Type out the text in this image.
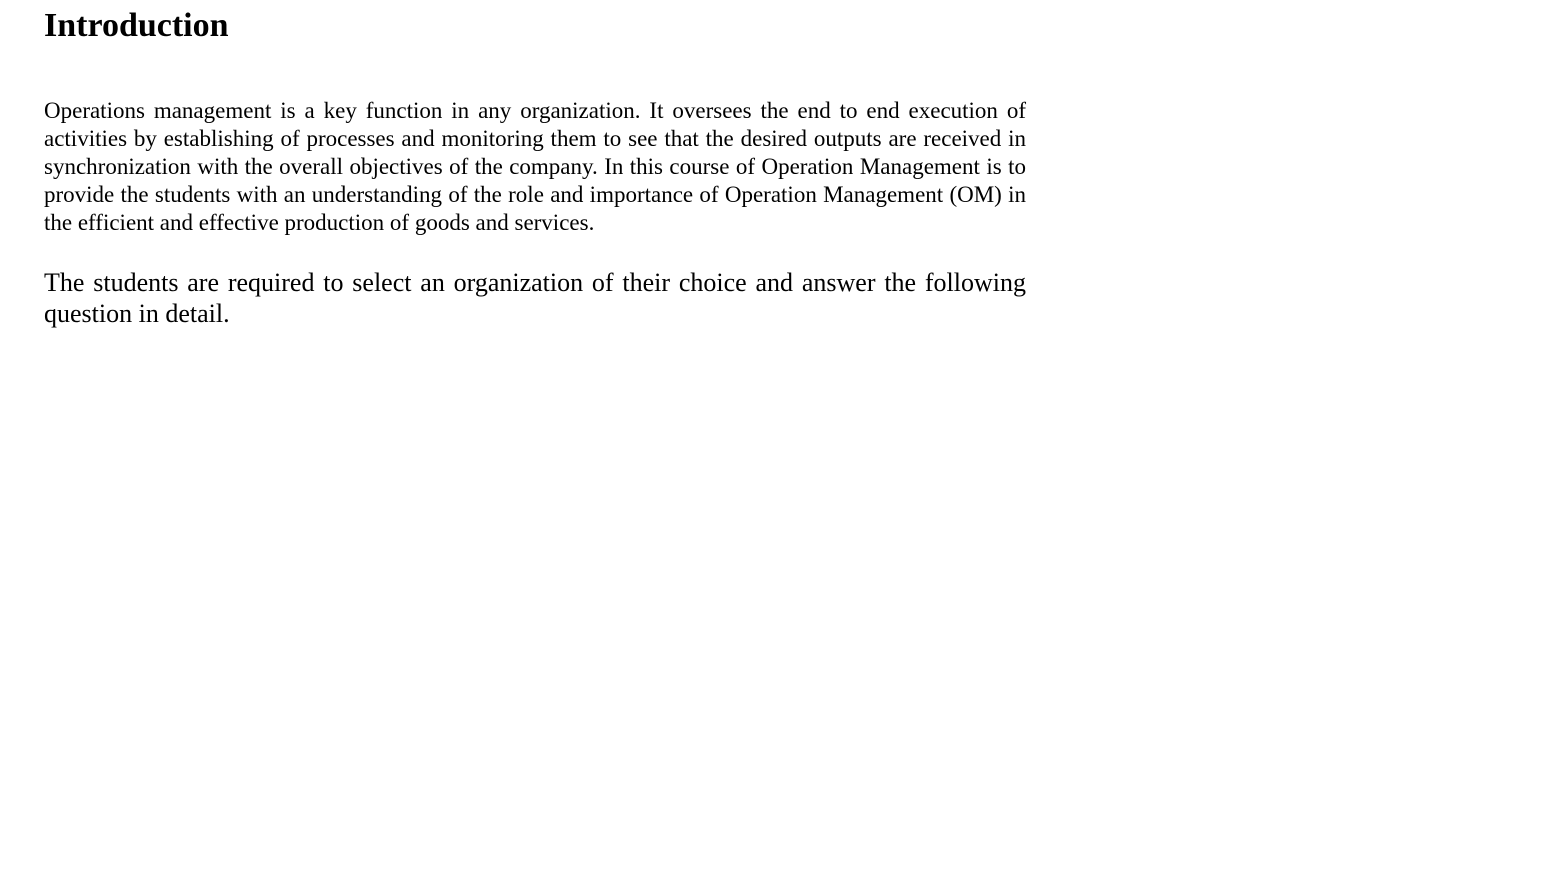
Introduction

Operations management is a key function in any organization. It oversees the end to end execution of activities by establishing of processes and monitoring them to see that the desired outputs are received in synchronization with the overall objectives of the company. In this course of Operation Management is to provide the students with an understanding of the role and importance of Operation Management (OM) in the efficient and effective production of goods and services.

The students are required to select an organization of their choice and answer the following question in detail.
